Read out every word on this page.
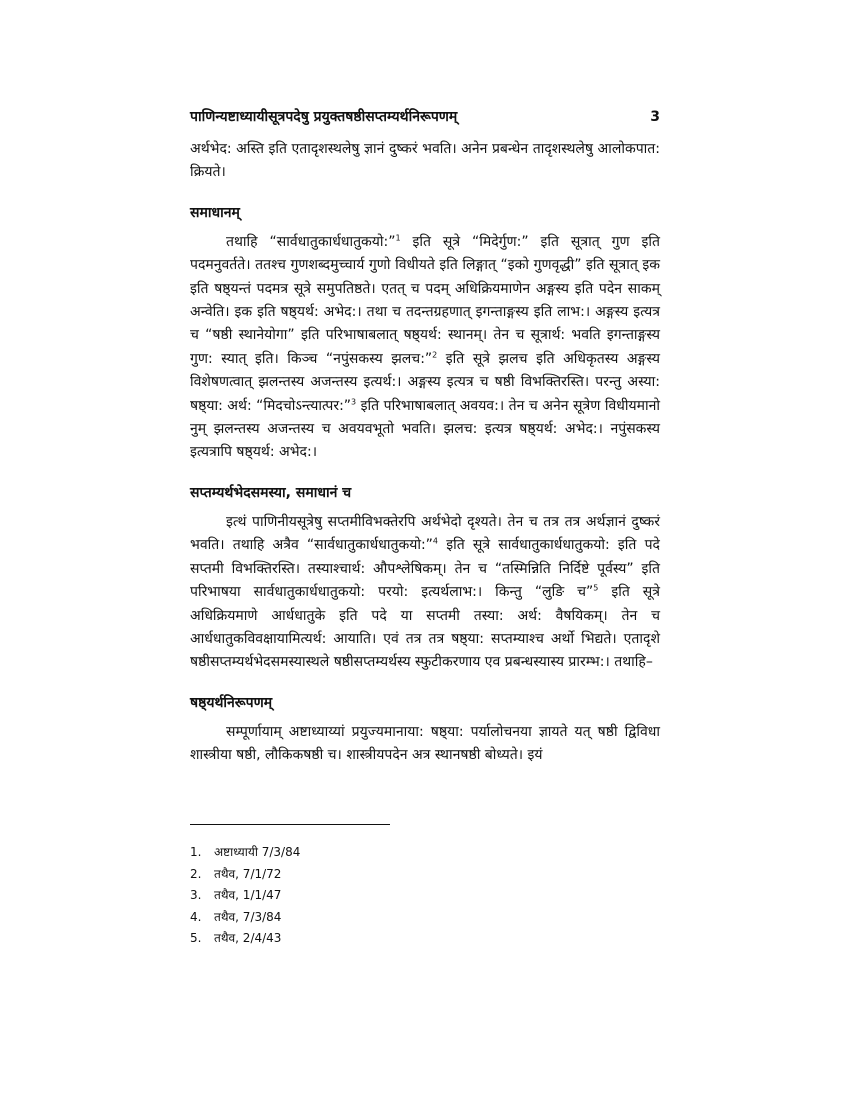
पाणिन्यष्टाध्यायीसूत्रपदेषु प्रयुक्तषष्ठीसप्तम्यर्थनिरूपणम्	3

अर्थभेद: अस्ति इति एतादृशस्थलेषु ज्ञानं दुष्करं भवति। अनेन प्रबन्धेन तादृशस्थलेषु आलोकपात: क्रियते।

समाधानम्

तथाहि “सार्वधातुकार्धधातुकयो:”$^1$ इति सूत्रे “मिदेर्गुण:” इति सूत्रात् गुण इति पदमनुवर्तते। ततश्च गुणशब्दमुच्चार्य गुणो विधीयते इति लिङ्गात् “इको गुणवृद्धी” इति सूत्रात् इक इति षष्ठ्यन्तं पदमत्र सूत्रे समुपतिष्ठते। एतत् च पदम् अधिक्रियमाणेन अङ्गस्य इति पदेन साकम् अन्वेति। इक इति षष्ठ्यर्थ: अभेद:। तथा च तदन्तग्रहणात् इगन्ताङ्गस्य इति लाभ:। अङ्गस्य इत्यत्र च “षष्ठी स्थानेयोगा” इति परिभाषाबलात् षष्ठ्यर्थ: स्थानम्। तेन च सूत्रार्थ: भवति इगन्ताङ्गस्य गुण: स्यात् इति। किञ्च “नपुंसकस्य झलच:”$^2$ इति सूत्रे झलच इति अधिकृतस्य अङ्गस्य विशेषणत्वात् झलन्तस्य अजन्तस्य इत्यर्थ:। अङ्गस्य इत्यत्र च षष्ठी विभक्तिरस्ति। परन्तु अस्या: षष्ठ्या: अर्थ: “मिदचोऽन्त्यात्पर:”$^3$ इति परिभाषाबलात् अवयव:। तेन च अनेन सूत्रेण विधीयमानो नुम् झलन्तस्य अजन्तस्य च अवयवभूतो भवति। झलच: इत्यत्र षष्ठ्यर्थ: अभेद:। नपुंसकस्य इत्यत्रापि षष्ठ्यर्थ: अभेद:।

सप्तम्यर्थभेदसमस्या, समाधानं च

इत्थं पाणिनीयसूत्रेषु सप्तमीविभक्तेरपि अर्थभेदो दृश्यते। तेन च तत्र तत्र अर्थज्ञानं दुष्करं भवति। तथाहि अत्रैव “सार्वधातुकार्धधातुकयो:”$^4$ इति सूत्रे सार्वधातुकार्धधातुकयो: इति पदे सप्तमी विभक्तिरस्ति। तस्याश्चार्थ: औपश्लेषिकम्। तेन च “तस्मिन्निति निर्दिष्टे पूर्वस्य” इति परिभाषया सार्वधातुकार्धधातुकयो: परयो: इत्यर्थलाभ:। किन्तु “लुङि च”$^5$ इति सूत्रे अधिक्रियमाणे आर्धधातुके इति पदे या सप्तमी तस्या: अर्थ: वैषयिकम्। तेन च आर्धधातुकविवक्षायामित्यर्थ: आयाति। एवं तत्र तत्र षष्ठ्या: सप्तम्याश्च अर्थो भिद्यते। एतादृशे षष्ठीसप्तम्यर्थभेदसमस्यास्थले षष्ठीसप्तम्यर्थस्य स्फुटीकरणाय एव प्रबन्धस्यास्य प्रारम्भ:। तथाहि–

षष्ठ्यर्थनिरूपणम्

सम्पूर्णायाम् अष्टाध्याय्यां प्रयुज्यमानाया: षष्ठ्या: पर्यालोचनया ज्ञायते यत् षष्ठी द्विविधा शास्त्रीया षष्ठी, लौकिकषष्ठी च। शास्त्रीयपदेन अत्र स्थानषष्ठी बोध्यते। इयं

1.	अष्टाध्यायी 7/3/84
2.	तथैव, 7/1/72
3.	तथैव, 1/1/47
4.	तथैव, 7/3/84
5.	तथैव, 2/4/43
